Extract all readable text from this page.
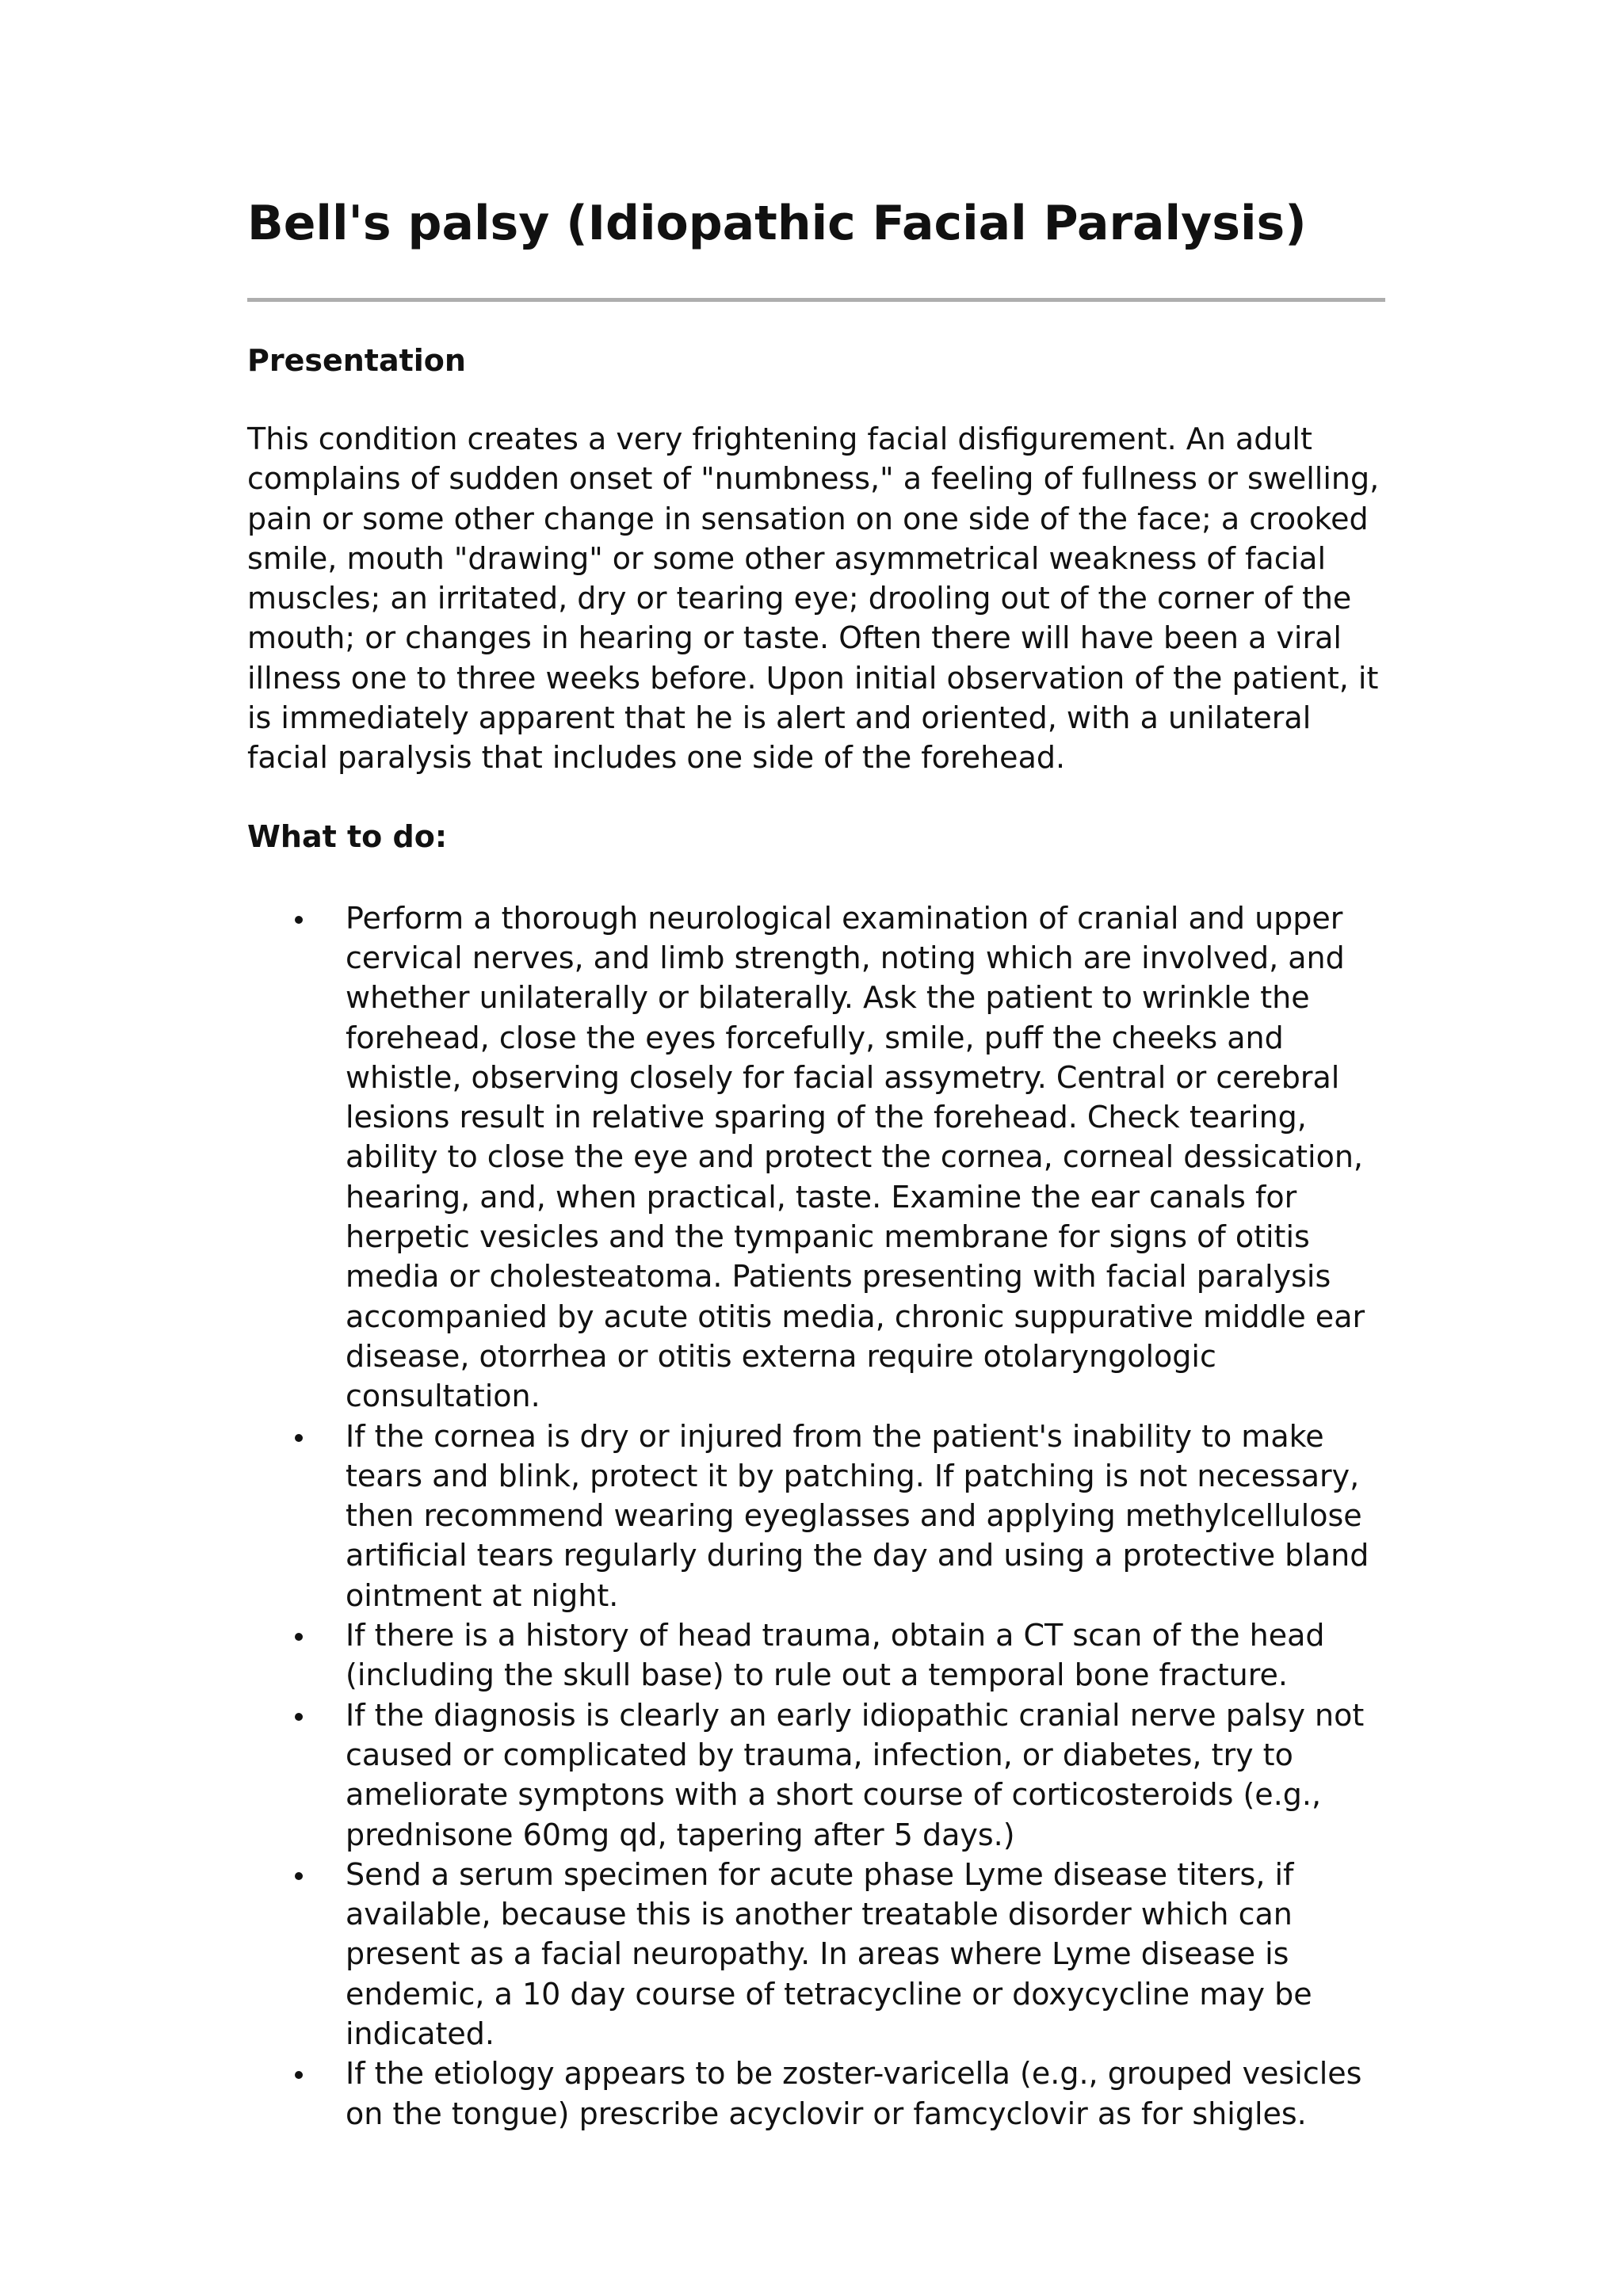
Bell's palsy (Idiopathic Facial Paralysis)
Presentation

This condition creates a very frightening facial disfigurement. An adult complains of sudden onset of "numbness," a feeling of fullness or swelling, pain or some other change in sensation on one side of the face; a crooked smile, mouth "drawing" or some other asymmetrical weakness of facial muscles; an irritated, dry or tearing eye; drooling out of the corner of the mouth; or changes in hearing or taste. Often there will have been a viral illness one to three weeks before. Upon initial observation of the patient, it is immediately apparent that he is alert and oriented, with a unilateral facial paralysis that includes one side of the forehead.

What to do:
Perform a thorough neurological examination of cranial and upper cervical nerves, and limb strength, noting which are involved, and whether unilaterally or bilaterally. Ask the patient to wrinkle the forehead, close the eyes forcefully, smile, puff the cheeks and whistle, observing closely for facial assymetry. Central or cerebral lesions result in relative sparing of the forehead. Check tearing, ability to close the eye and protect the cornea, corneal dessication, hearing, and, when practical, taste. Examine the ear canals for herpetic vesicles and the tympanic membrane for signs of otitis media or cholesteatoma. Patients presenting with facial paralysis accompanied by acute otitis media, chronic suppurative middle ear disease, otorrhea or otitis externa require otolaryngologic consultation.
If the cornea is dry or injured from the patient's inability to make tears and blink, protect it by patching. If patching is not necessary, then recommend wearing eyeglasses and applying methylcellulose artificial tears regularly during the day and using a protective bland ointment at night.
If there is a history of head trauma, obtain a CT scan of the head (including the skull base) to rule out a temporal bone fracture.
If the diagnosis is clearly an early idiopathic cranial nerve palsy not caused or complicated by trauma, infection, or diabetes, try to ameliorate symptons with a short course of corticosteroids (e.g., prednisone 60mg qd, tapering after 5 days.)
Send a serum specimen for acute phase Lyme disease titers, if available, because this is another treatable disorder which can present as a facial neuropathy. In areas where Lyme disease is endemic, a 10 day course of tetracycline or doxycycline may be indicated.
If the etiology appears to be zoster-varicella (e.g., grouped vesicles on the tongue) prescribe acyclovir or famcyclovir as for shigles.
